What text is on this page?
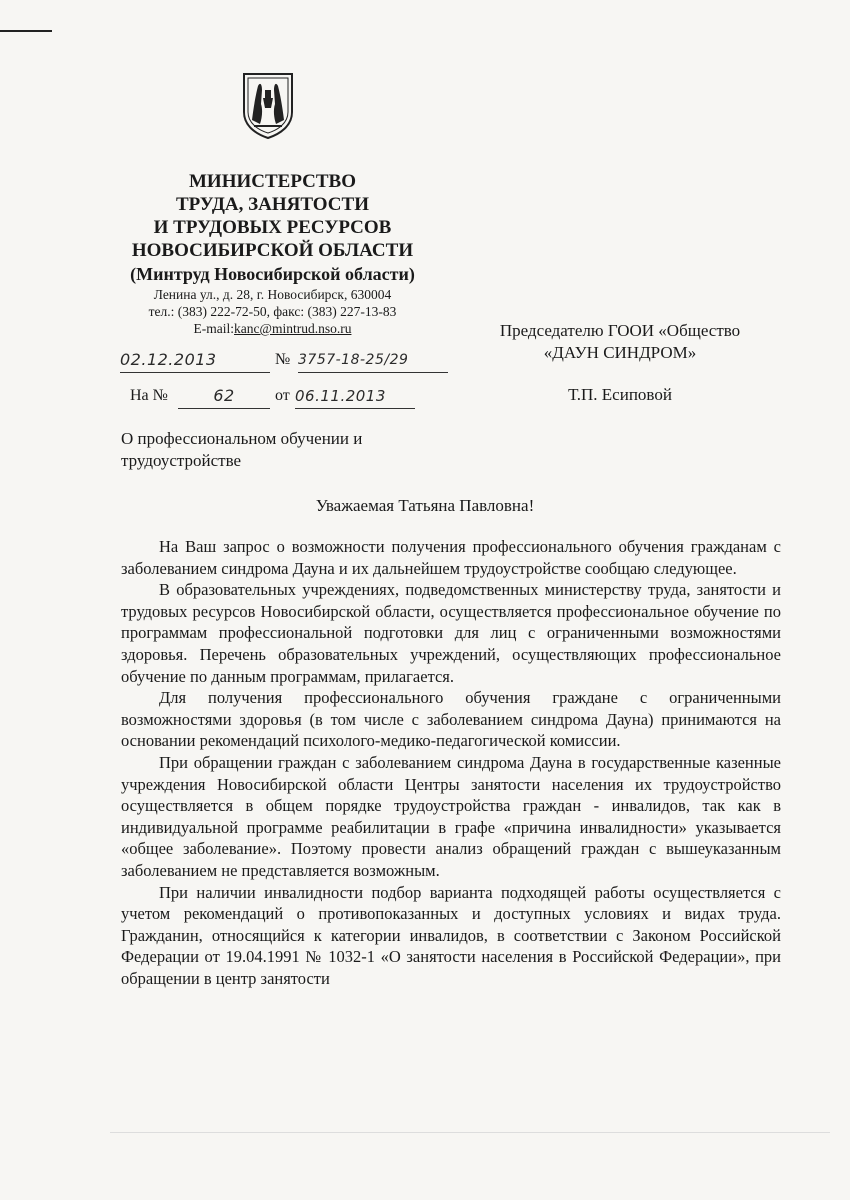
МИНИСТЕРСТВО
ТРУДА, ЗАНЯТОСТИ
И ТРУДОВЫХ РЕСУРСОВ
НОВОСИБИРСКОЙ ОБЛАСТИ
(Минтруд Новосибирской области)
Ленина ул., д. 28, г. Новосибирск, 630004
тел.: (383) 222-72-50, факс: (383) 227-13-83
E-mail:kanc@mintrud.nso.ru	Председателю ГООИ «Общество
«ДАУН СИНДРОМ»
Т.П. Есиповой
02.12.2013	№ 3757-18-25/29
На №	62	от 06.11.2013
О профессиональном обучении и трудоустройстве
Уважаемая Татьяна Павловна!

На Ваш запрос о возможности получения профессионального обучения гражданам с заболеванием синдрома Дауна и их дальнейшем трудоустройстве сообщаю следующее.

В образовательных учреждениях, подведомственных министерству труда, занятости и трудовых ресурсов Новосибирской области, осуществляется профессиональное обучение по программам профессиональной подготовки для лиц с ограниченными возможностями здоровья. Перечень образовательных учреждений, осуществляющих профессиональное обучение по данным программам, прилагается.

Для получения профессионального обучения граждане с ограниченными возможностями здоровья (в том числе с заболеванием синдрома Дауна) принимаются на основании рекомендаций психолого-медико-педагогической комиссии.

При обращении граждан с заболеванием синдрома Дауна в государственные казенные учреждения Новосибирской области Центры занятости населения их трудоустройство осуществляется в общем порядке трудоустройства граждан - инвалидов, так как в индивидуальной программе реабилитации в графе «причина инвалидности» указывается «общее заболевание». Поэтому провести анализ обращений граждан с вышеуказанным заболеванием не представляется возможным.

При наличии инвалидности подбор варианта подходящей работы осуществляется с учетом рекомендаций о противопоказанных и доступных условиях и видах труда. Гражданин, относящийся к категории инвалидов, в соответствии с Законом Российской Федерации от 19.04.1991 № 1032-1 «О занятости населения в Российской Федерации», при обращении в центр занятости
